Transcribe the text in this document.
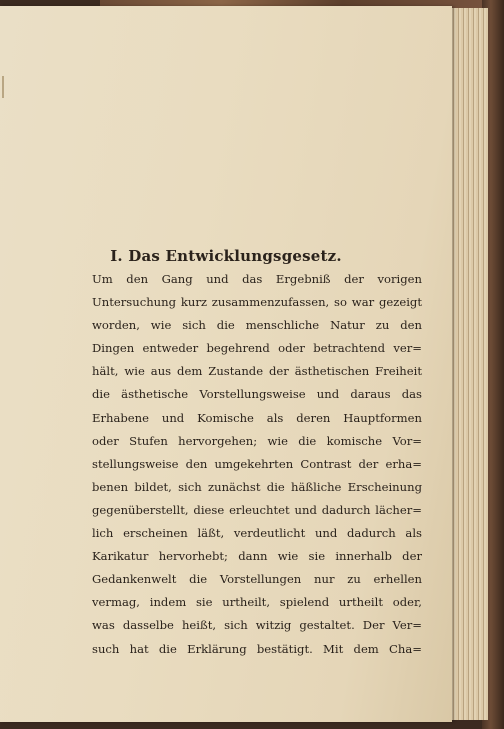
I. Das Entwicklungsgesetz.
Um den Gang und das Ergebniß der vorigen
Untersuchung kurz zusammenzufassen, so war gezeigt
worden, wie sich die menschliche Natur zu den
Dingen entweder begehrend oder betrachtend ver=
hält, wie aus dem Zustande der ästhetischen Freiheit
die ästhetische Vorstellungsweise und daraus das
Erhabene und Komische als deren Hauptformen
oder Stufen hervorgehen; wie die komische Vor=
stellungsweise den umgekehrten Contrast der erha=
benen bildet, sich zunächst die häßliche Erscheinung
gegenüberstellt, diese erleuchtet und dadurch lächer=
lich erscheinen läßt, verdeutlicht und dadurch als
Karikatur hervorhebt; dann wie sie innerhalb der
Gedankenwelt die Vorstellungen nur zu erhellen
vermag, indem sie urtheilt, spielend urtheilt oder,
was dasselbe heißt, sich witzig gestaltet. Der Ver=
such hat die Erklärung bestätigt. Mit dem Cha=
